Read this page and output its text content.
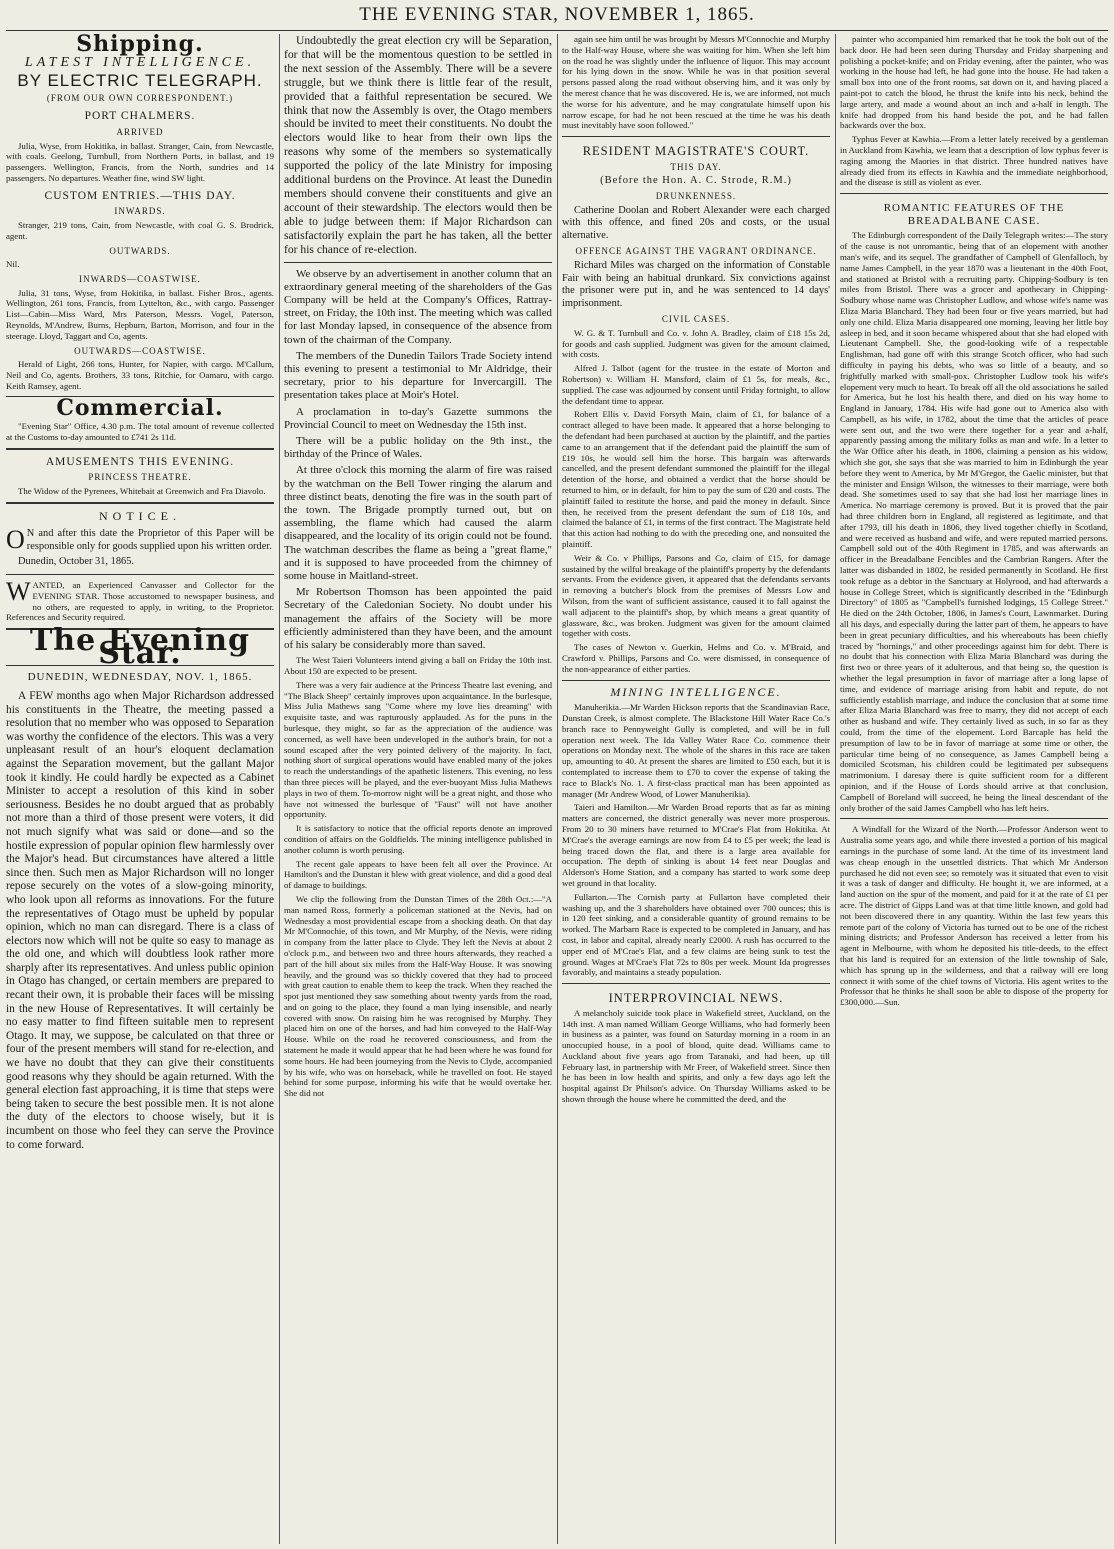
THE EVENING STAR, NOVEMBER 1, 1865.
Shipping.
LATEST INTELLIGENCE.
BY ELECTRIC TELEGRAPH.
(FROM OUR OWN CORRESPONDENT.)
PORT CHALMERS.
ARRIVED

Julia, Wyse, from Hokitika, in ballast. Stranger, Cain, from Newcastle, with coals. Geelong, Turnbull, from Northern Ports, in ballast, and 19 passengers. Wellington, Francis, from the North, sundries and 14 passengers. No departures. Weather fine, wind SW light.

CUSTOM ENTRIES.—THIS DAY.
INWARDS.

Stranger, 219 tons, Cain, from Newcastle, with coal G. S. Brodrick, agent.

OUTWARDS.

Nil.

INWARDS—COASTWISE.

Julia, 31 tons, Wyse, from Hokitika, in ballast. Fisher Bros., agents. Wellington, 261 tons, Francis, from Lyttelton, &c., with cargo. Passenger List—Cabin—Miss Ward, Mrs Paterson, Messrs. Vogel, Paterson, Reynolds, M'Andrew, Burns, Hepburn, Barton, Morrison, and four in the steerage. Lloyd, Taggart and Co, agents.

OUTWARDS—COASTWISE.

Herald of Light, 266 tons, Hunter, for Napier, with cargo. M'Callum, Neil and Co, agents. Brothers, 33 tons, Ritchie, for Oamaru, with cargo. Keith Ramsey, agent.

Commercial.

"Evening Star" Office, 4.30 p.m. The total amount of revenue collected at the Customs to-day amounted to £741 2s 11d.

AMUSEMENTS THIS EVENING.
PRINCESS THEATRE.

The Widow of the Pyrenees, Whitebait at Greenwich and Fra Diavolo.

NOTICE.

O N and after this date the Proprietor of this Paper will be responsible only for goods supplied upon his written order.

Dunedin, October 31, 1865.

WANTED, an Experienced Canvasser and Collector for the EVENING STAR. Those accustomed to newspaper business, and no others, are requested to apply, in writing, to the Proprietor. References and Security required.

The Evening Star.
DUNEDIN, WEDNESDAY, NOV. 1, 1865.

A FEW months ago when Major Richardson addressed his constituents in the Theatre, the meeting passed a resolution that no member who was opposed to Separation was worthy the confidence of the electors. This was a very unpleasant result of an hour's eloquent declamation against the Separation movement, but the gallant Major took it kindly. He could hardly be expected as a Cabinet Minister to accept a resolution of this kind in sober seriousness. Besides he no doubt argued that as probably not more than a third of those present were voters, it did not much signify what was said or done—and so the hostile expression of popular opinion flew harmlessly over the Major's head. But circumstances have altered a little since then. Such men as Major Richardson will no longer repose securely on the votes of a slow-going minority, who look upon all reforms as innovations. For the future the representatives of Otago must be upheld by popular opinion, which no man can disregard. There is a class of electors now which will not be quite so easy to manage as the old one, and which will doubtless look rather more sharply after its representatives. And unless public opinion in Otago has changed, or certain members are prepared to recant their own, it is probable their faces will be missing in the new House of Representatives. It will certainly be no easy matter to find fifteen suitable men to represent Otago. It may, we suppose, be calculated on that three or four of the present members will stand for re-election, and we have no doubt that they can give their constituents good reasons why they should be again returned. With the general election fast approaching, it is time that steps were being taken to secure the best possible men. It is not alone the duty of the electors to choose wisely, but it is incumbent on those who feel they can serve the Province to come forward.

Undoubtedly the great election cry will be Separation, for that will be the momentous question to be settled in the next session of the Assembly. There will be a severe struggle, but we think there is little fear of the result, provided that a faithful representation be secured. We think that now the Assembly is over, the Otago members should be invited to meet their constituents. No doubt the electors would like to hear from their own lips the reasons why some of the members so systematically supported the policy of the late Ministry for imposing additional burdens on the Province. At least the Dunedin members should convene their constituents and give an account of their stewardship. The electors would then be able to judge between them: if Major Richardson can satisfactorily explain the part he has taken, all the better for his chance of re-election.

We observe by an advertisement in another column that an extraordinary general meeting of the shareholders of the Gas Company will be held at the Company's Offices, Rattray-street, on Friday, the 10th inst. The meeting which was called for last Monday lapsed, in consequence of the absence from town of the chairman of the Company.

The members of the Dunedin Tailors Trade Society intend this evening to present a testimonial to Mr Aldridge, their secretary, prior to his departure for Invercargill. The presentation takes place at Moir's Hotel.

A proclamation in to-day's Gazette summons the Provincial Council to meet on Wednesday the 15th inst.

There will be a public holiday on the 9th inst., the birthday of the Prince of Wales.

At three o'clock this morning the alarm of fire was raised by the watchman on the Bell Tower ringing the alarum and three distinct beats, denoting the fire was in the south part of the town. The Brigade promptly turned out, but on assembling, the flame which had caused the alarm disappeared, and the locality of its origin could not be found. The watchman describes the flame as being a "great flame," and it is supposed to have proceeded from the chimney of some house in Maitland-street.

Mr Robertson Thomson has been appointed the paid Secretary of the Caledonian Society. No doubt under his management the affairs of the Society will be more efficiently administered than they have been, and the amount of his salary be considerably more than saved.

The West Taieri Volunteers intend giving a ball on Friday the 10th inst. About 150 are expected to be present.

There was a very fair audience at the Princess Theatre last evening, and "The Black Sheep" certainly improves upon acquaintance. In the burlesque, Miss Julia Mathews sang "Come where my love lies dreaming" with exquisite taste, and was rapturously applauded. As for the puns in the burlesque, they might, so far as the appreciation of the audience was concerned, as well have been undeveloped in the author's brain, for not a sound escaped after the very pointed delivery of the majority. In fact, nothing short of surgical operations would have enabled many of the jokes to reach the understandings of the apathetic listeners. This evening, no less than three pieces will be played, and the ever-buoyant Miss Julia Mathews plays in two of them. To-morrow night will be a great night, and those who have not witnessed the burlesque of "Faust" will not have another opportunity.

It is satisfactory to notice that the official reports denote an improved condition of affairs on the Goldfields. The mining intelligence published in another column is worth perusing.

The recent gale appears to have been felt all over the Province. At Hamilton's and the Dunstan it blew with great violence, and did a good deal of damage to buildings.

We clip the following from the Dunstan Times of the 28th Oct.:—"A man named Ross, formerly a policeman stationed at the Nevis, had on Wednesday a most providential escape from a shocking death. On that day Mr M'Connochie, of this town, and Mr Murphy, of the Nevis, were riding in company from the latter place to Clyde. They left the Nevis at about 2 o'clock p.m., and between two and three hours afterwards, they reached a part of the hill about six miles from the Half-Way House. It was snowing heavily, and the ground was so thickly covered that they had to proceed with great caution to enable them to keep the track. When they reached the spot just mentioned they saw something about twenty yards from the road, and on going to the place, they found a man lying insensible, and nearly covered with snow. On raising him he was recognised by Murphy. They placed him on one of the horses, and had him conveyed to the Half-Way House. While on the road he recovered consciousness, and from the statement he made it would appear that he had been where he was found for some hours. He had been journeying from the Nevis to Clyde, accompanied by his wife, who was on horseback, while he travelled on foot. He stayed behind for some purpose, informing his wife that he would overtake her. She did not

again see him until he was brought by Messrs M'Connochie and Murphy to the Half-way House, where she was waiting for him. When she left him on the road he was slightly under the influence of liquor. This may account for his lying down in the snow. While he was in that position several persons passed along the road without observing him, and it was only by the merest chance that he was discovered. He is, we are informed, not much the worse for his adventure, and he may congratulate himself upon his narrow escape, for had he not been rescued at the time he was his death must inevitably have soon followed."

RESIDENT MAGISTRATE'S COURT.
THIS DAY.
(Before the Hon. A. C. Strode, R.M.)
DRUNKENNESS.

Catherine Doolan and Robert Alexander were each charged with this offence, and fined 20s and costs, or the usual alternative.

OFFENCE AGAINST THE VAGRANT ORDINANCE.

Richard Miles was charged on the information of Constable Fair with being an habitual drunkard. Six convictions against the prisoner were put in, and he was sentenced to 14 days' imprisonment.

CIVIL CASES.

W. G. & T. Turnbull and Co. v. John A. Bradley, claim of £18 15s 2d, for goods and cash supplied. Judgment was given for the amount claimed, with costs.

Alfred J. Talbot (agent for the trustee in the estate of Morton and Robertson) v. William H. Mansford, claim of £1 5s, for meals, &c., supplied. The case was adjourned by consent until Friday fortnight, to allow the defendant time to appear.

Robert Ellis v. David Forsyth Main, claim of £1, for balance of a contract alleged to have been made. It appeared that a horse belonging to the defendant had been purchased at auction by the plaintiff, and the parties came to an arrangement that if the defendant paid the plaintiff the sum of £19 10s, he would sell him the horse. This bargain was afterwards cancelled, and the present defendant summoned the plaintiff for the illegal detention of the horse, and obtained a verdict that the horse should be returned to him, or in default, for him to pay the sum of £20 and costs. The plaintiff failed to restitute the horse, and paid the money in default. Since then, he received from the present defendant the sum of £18 10s, and claimed the balance of £1, in terms of the first contract. The Magistrate held that this action had nothing to do with the preceding one, and nonsuited the plaintiff.

Weir & Co. v Phillips, Parsons and Co, claim of £15, for damage sustained by the wilful breakage of the plaintiff's property by the defendants servants. From the evidence given, it appeared that the defendants servants in removing a butcher's block from the premises of Messrs Low and Wilson, from the want of sufficient assistance, caused it to fall against the wall adjacent to the plaintiff's shop, by which means a great quantity of glassware, &c., was broken. Judgment was given for the amount claimed together with costs.

The cases of Newton v. Guerkin, Helms and Co. v. M'Braid, and Crawford v. Phillips, Parsons and Co. were dismissed, in consequence of the non-appearance of either parties.

MINING INTELLIGENCE.

Manuherikia.—Mr Warden Hickson reports that the Scandinavian Race, Dunstan Creek, is almost complete. The Blackstone Hill Water Race Co.'s branch race to Pennyweight Gully is completed, and will be in full operation next week. The Ida Valley Water Race Co. commence their operations on Monday next. The whole of the shares in this race are taken up, amounting to 40. At present the shares are limited to £50 each, but it is contemplated to increase them to £70 to cover the expense of taking the race to Black's No. 1. A first-class practical man has been appointed as manager (Mr Andrew Wood, of Lower Manuherikia).

Taieri and Hamilton.—Mr Warden Broad reports that as far as mining matters are concerned, the district generally was never more prosperous. From 20 to 30 miners have returned to M'Crae's Flat from Hokitika. At M'Crae's the average earnings are now from £4 to £5 per week; the lead is being traced down the flat, and there is a large area available for occupation. The depth of sinking is about 14 feet near Douglas and Alderson's Home Station, and a company has started to work some deep wet ground in that locality.

Fullarton.—The Cornish party at Fullarton have completed their washing up, and the 3 shareholders have obtained over 700 ounces; this is in 120 feet sinking, and a considerable quantity of ground remains to be worked. The Marbarn Race is expected to be completed in January, and has cost, in labor and capital, already nearly £2000. A rush has occurred to the upper end of M'Crae's Flat, and a few claims are being sunk to test the ground. Wages at M'Crae's Flat 72s to 80s per week. Mount Ida progresses favorably, and maintains a steady population.

INTERPROVINCIAL NEWS.

A melancholy suicide took place in Wakefield street, Auckland, on the 14th inst. A man named William George Williams, who had formerly been in business as a painter, was found on Saturday morning in a room in an unoccupied house, in a pool of blood, quite dead. Williams came to Auckland about five years ago from Taranaki, and had been, up till February last, in partnership with Mr Freer, of Wakefield street. Since then he has been in low health and spirits, and only a few days ago left the hospital against Dr Philson's advice. On Thursday Williams asked to be shown through the house where he committed the deed, and the

painter who accompanied him remarked that he took the bolt out of the back door. He had been seen during Thursday and Friday sharpening and polishing a pocket-knife; and on Friday evening, after the painter, who was working in the house had left, he had gone into the house. He had taken a small box into one of the front rooms, sat down on it, and having placed a paint-pot to catch the blood, he thrust the knife into his neck, behind the large artery, and made a wound about an inch and a-half in length. The knife had dropped from his hand beside the pot, and he had fallen backwards over the box.

Typhus Fever at Kawhia.—From a letter lately received by a gentleman in Auckland from Kawhia, we learn that a description of low typhus fever is raging among the Maories in that district. Three hundred natives have already died from its effects in Kawhia and the immediate neighborhood, and the disease is still as violent as ever.

ROMANTIC FEATURES OF THE BREADALBANE CASE.

The Edinburgh correspondent of the Daily Telegraph writes:—The story of the cause is not unromantic, being that of an elopement with another man's wife, and its sequel. The grandfather of Campbell of Glenfalloch, by name James Campbell, in the year 1870 was a lieutenant in the 40th Foot, and stationed at Bristol with a recruiting party. Chipping-Sodbury is ten miles from Bristol. There was a grocer and apothecary in Chipping-Sodbury whose name was Christopher Ludlow, and whose wife's name was Eliza Maria Blanchard. They had been four or five years married, but had only one child. Eliza Maria disappeared one morning, leaving her little boy asleep in bed, and it soon became whispered about that she had eloped with Lieutenant Campbell. She, the good-looking wife of a respectable Englishman, had gone off with this strange Scotch officer, who had such difficulty in paying his debts, who was so little of a beauty, and so frightfully marked with small-pox. Christopher Ludlow took his wife's elopement very much to heart. To break off all the old associations he sailed for America, but he lost his health there, and died on his way home to England in January, 1784. His wife had gone out to America also with Campbell, as his wife, in 1782, about the time that the articles of peace were sent out, and the two were there together for a year and a-half, apparently passing among the military folks as man and wife. In a letter to the War Office after his death, in 1806, claiming a pension as his widow, which she got, she says that she was married to him in Edinburgh the year before they went to America, by Mr M'Gregor, the Gaelic minister, but that the minister and Ensign Wilson, the witnesses to their marriage, were both dead. She sometimes used to say that she had lost her marriage lines in America. No marriage ceremony is proved. But it is proved that the pair had three children born in England, all registered as legitimate, and that after 1793, till his death in 1806, they lived together chiefly in Scotland, and were received as husband and wife, and were reputed married persons. Campbell sold out of the 40th Regiment in 1785, and was afterwards an officer in the Breadalbane Fencibles and the Cambrian Rangers. After the latter was disbanded in 1802, he resided permanently in Scotland. He first took refuge as a debtor in the Sanctuary at Holyrood, and had afterwards a house in College Street, which is significantly described in the "Edinburgh Directory" of 1805 as "Campbell's furnished lodgings, 15 College Street." He died on the 24th October, 1806, in James's Court, Lawnmarket. During all his days, and especially during the latter part of them, he appears to have been in great pecuniary difficulties, and his whereabouts has been chiefly traced by "hornings," and other proceedings against him for debt. There is no doubt that his connection with Eliza Maria Blanchard was during the first two or three years of it adulterous, and that being so, the question is whether the legal presumption in favor of marriage after a long lapse of time, and evidence of marriage arising from habit and repute, do not sufficiently establish marriage, and induce the conclusion that at some time after Eliza Maria Blanchard was free to marry, they did not accept of each other as husband and wife. They certainly lived as such, in so far as they could, from the time of the elopement. Lord Barcaple has held the presumption of law to be in favor of marriage at some time or other, the particular time being of no consequence, as James Campbell being a domiciled Scotsman, his children could be legitimated per subsequens matrimonium. I daresay there is quite sufficient room for a different opinion, and if the House of Lords should arrive at that conclusion, Campbell of Boreland will succeed, he being the lineal descendant of the only brother of the said James Campbell who has left heirs.

A Windfall for the Wizard of the North.—Professor Anderson went to Australia some years ago, and while there invested a portion of his magical earnings in the purchase of some land. At the time of its investment land was cheap enough in the unsettled districts. That which Mr Anderson purchased he did not even see; so remotely was it situated that even to visit it was a task of danger and difficulty. He bought it, we are informed, at a land auction on the spur of the moment, and paid for it at the rate of £1 per acre. The district of Gipps Land was at that time little known, and gold had not been discovered there in any quantity. Within the last few years this remote part of the colony of Victoria has turned out to be one of the richest mining districts; and Professor Anderson has received a letter from his agent in Melbourne, with whom he deposited his title-deeds, to the effect that his land is required for an extension of the little township of Sale, which has sprung up in the wilderness, and that a railway will ere long connect it with some of the chief towns of Victoria. His agent writes to the Professor that he thinks he shall soon be able to dispose of the property for £300,000.—Sun.
